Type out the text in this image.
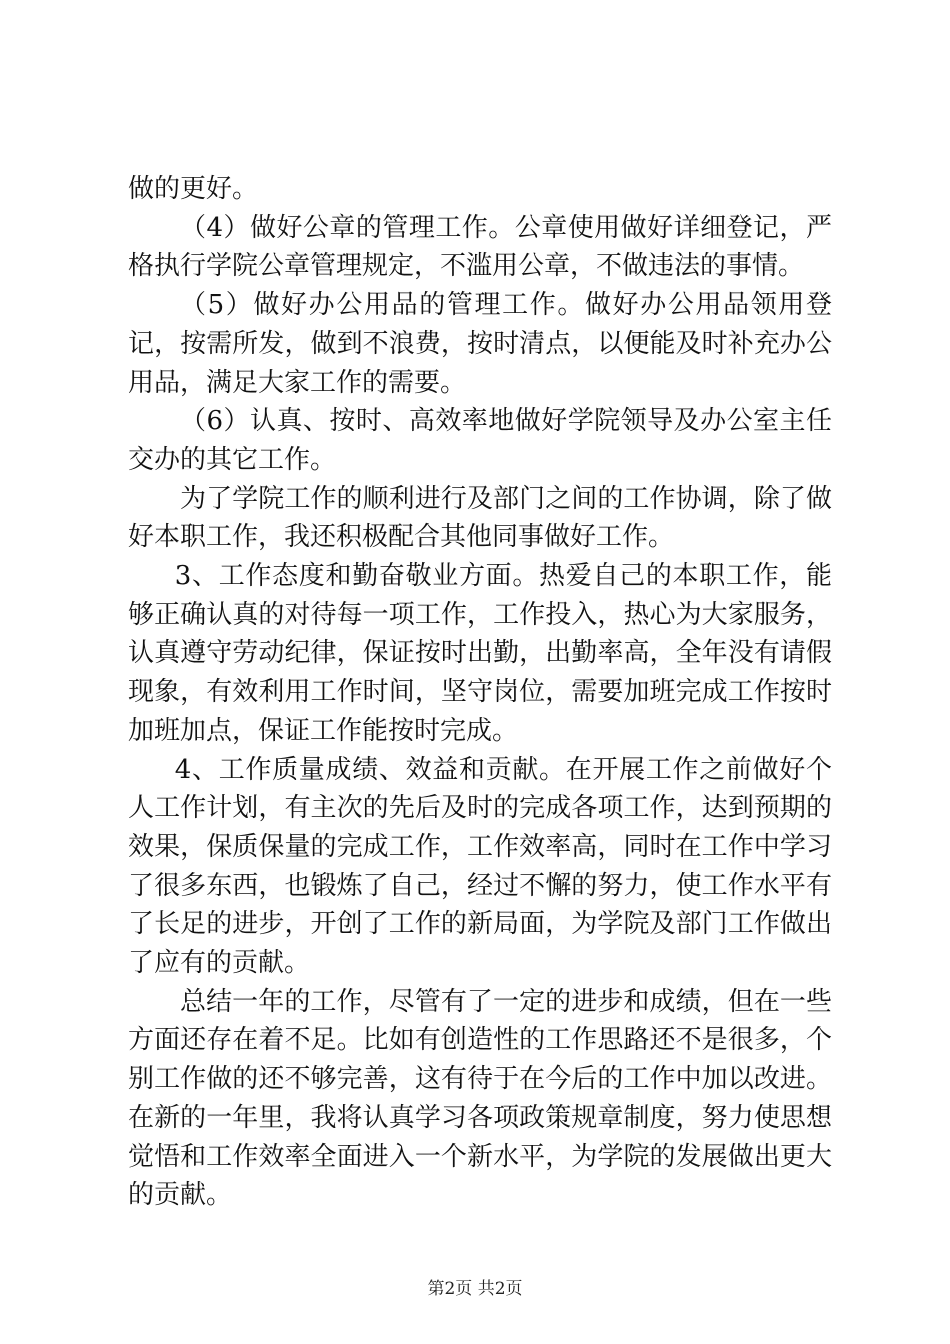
做的更好。

（4）做好公章的管理工作。公章使用做好详细登记，严格执行学院公章管理规定，不滥用公章，不做违法的事情。

（5）做好办公用品的管理工作。做好办公用品领用登记，按需所发，做到不浪费，按时清点，以便能及时补充办公用品，满足大家工作的需要。

（6）认真、按时、高效率地做好学院领导及办公室主任交办的其它工作。

为了学院工作的顺利进行及部门之间的工作协调，除了做好本职工作，我还积极配合其他同事做好工作。

3、工作态度和勤奋敬业方面。热爱自己的本职工作，能够正确认真的对待每一项工作，工作投入，热心为大家服务，认真遵守劳动纪律，保证按时出勤，出勤率高，全年没有请假现象，有效利用工作时间，坚守岗位，需要加班完成工作按时加班加点，保证工作能按时完成。

4、工作质量成绩、效益和贡献。在开展工作之前做好个人工作计划，有主次的先后及时的完成各项工作，达到预期的效果，保质保量的完成工作，工作效率高，同时在工作中学习了很多东西，也锻炼了自己，经过不懈的努力，使工作水平有了长足的进步，开创了工作的新局面，为学院及部门工作做出了应有的贡献。

总结一年的工作，尽管有了一定的进步和成绩，但在一些方面还存在着不足。比如有创造性的工作思路还不是很多，个别工作做的还不够完善，这有待于在今后的工作中加以改进。在新的一年里，我将认真学习各项政策规章制度，努力使思想觉悟和工作效率全面进入一个新水平，为学院的发展做出更大的贡献。

第2页 共2页
